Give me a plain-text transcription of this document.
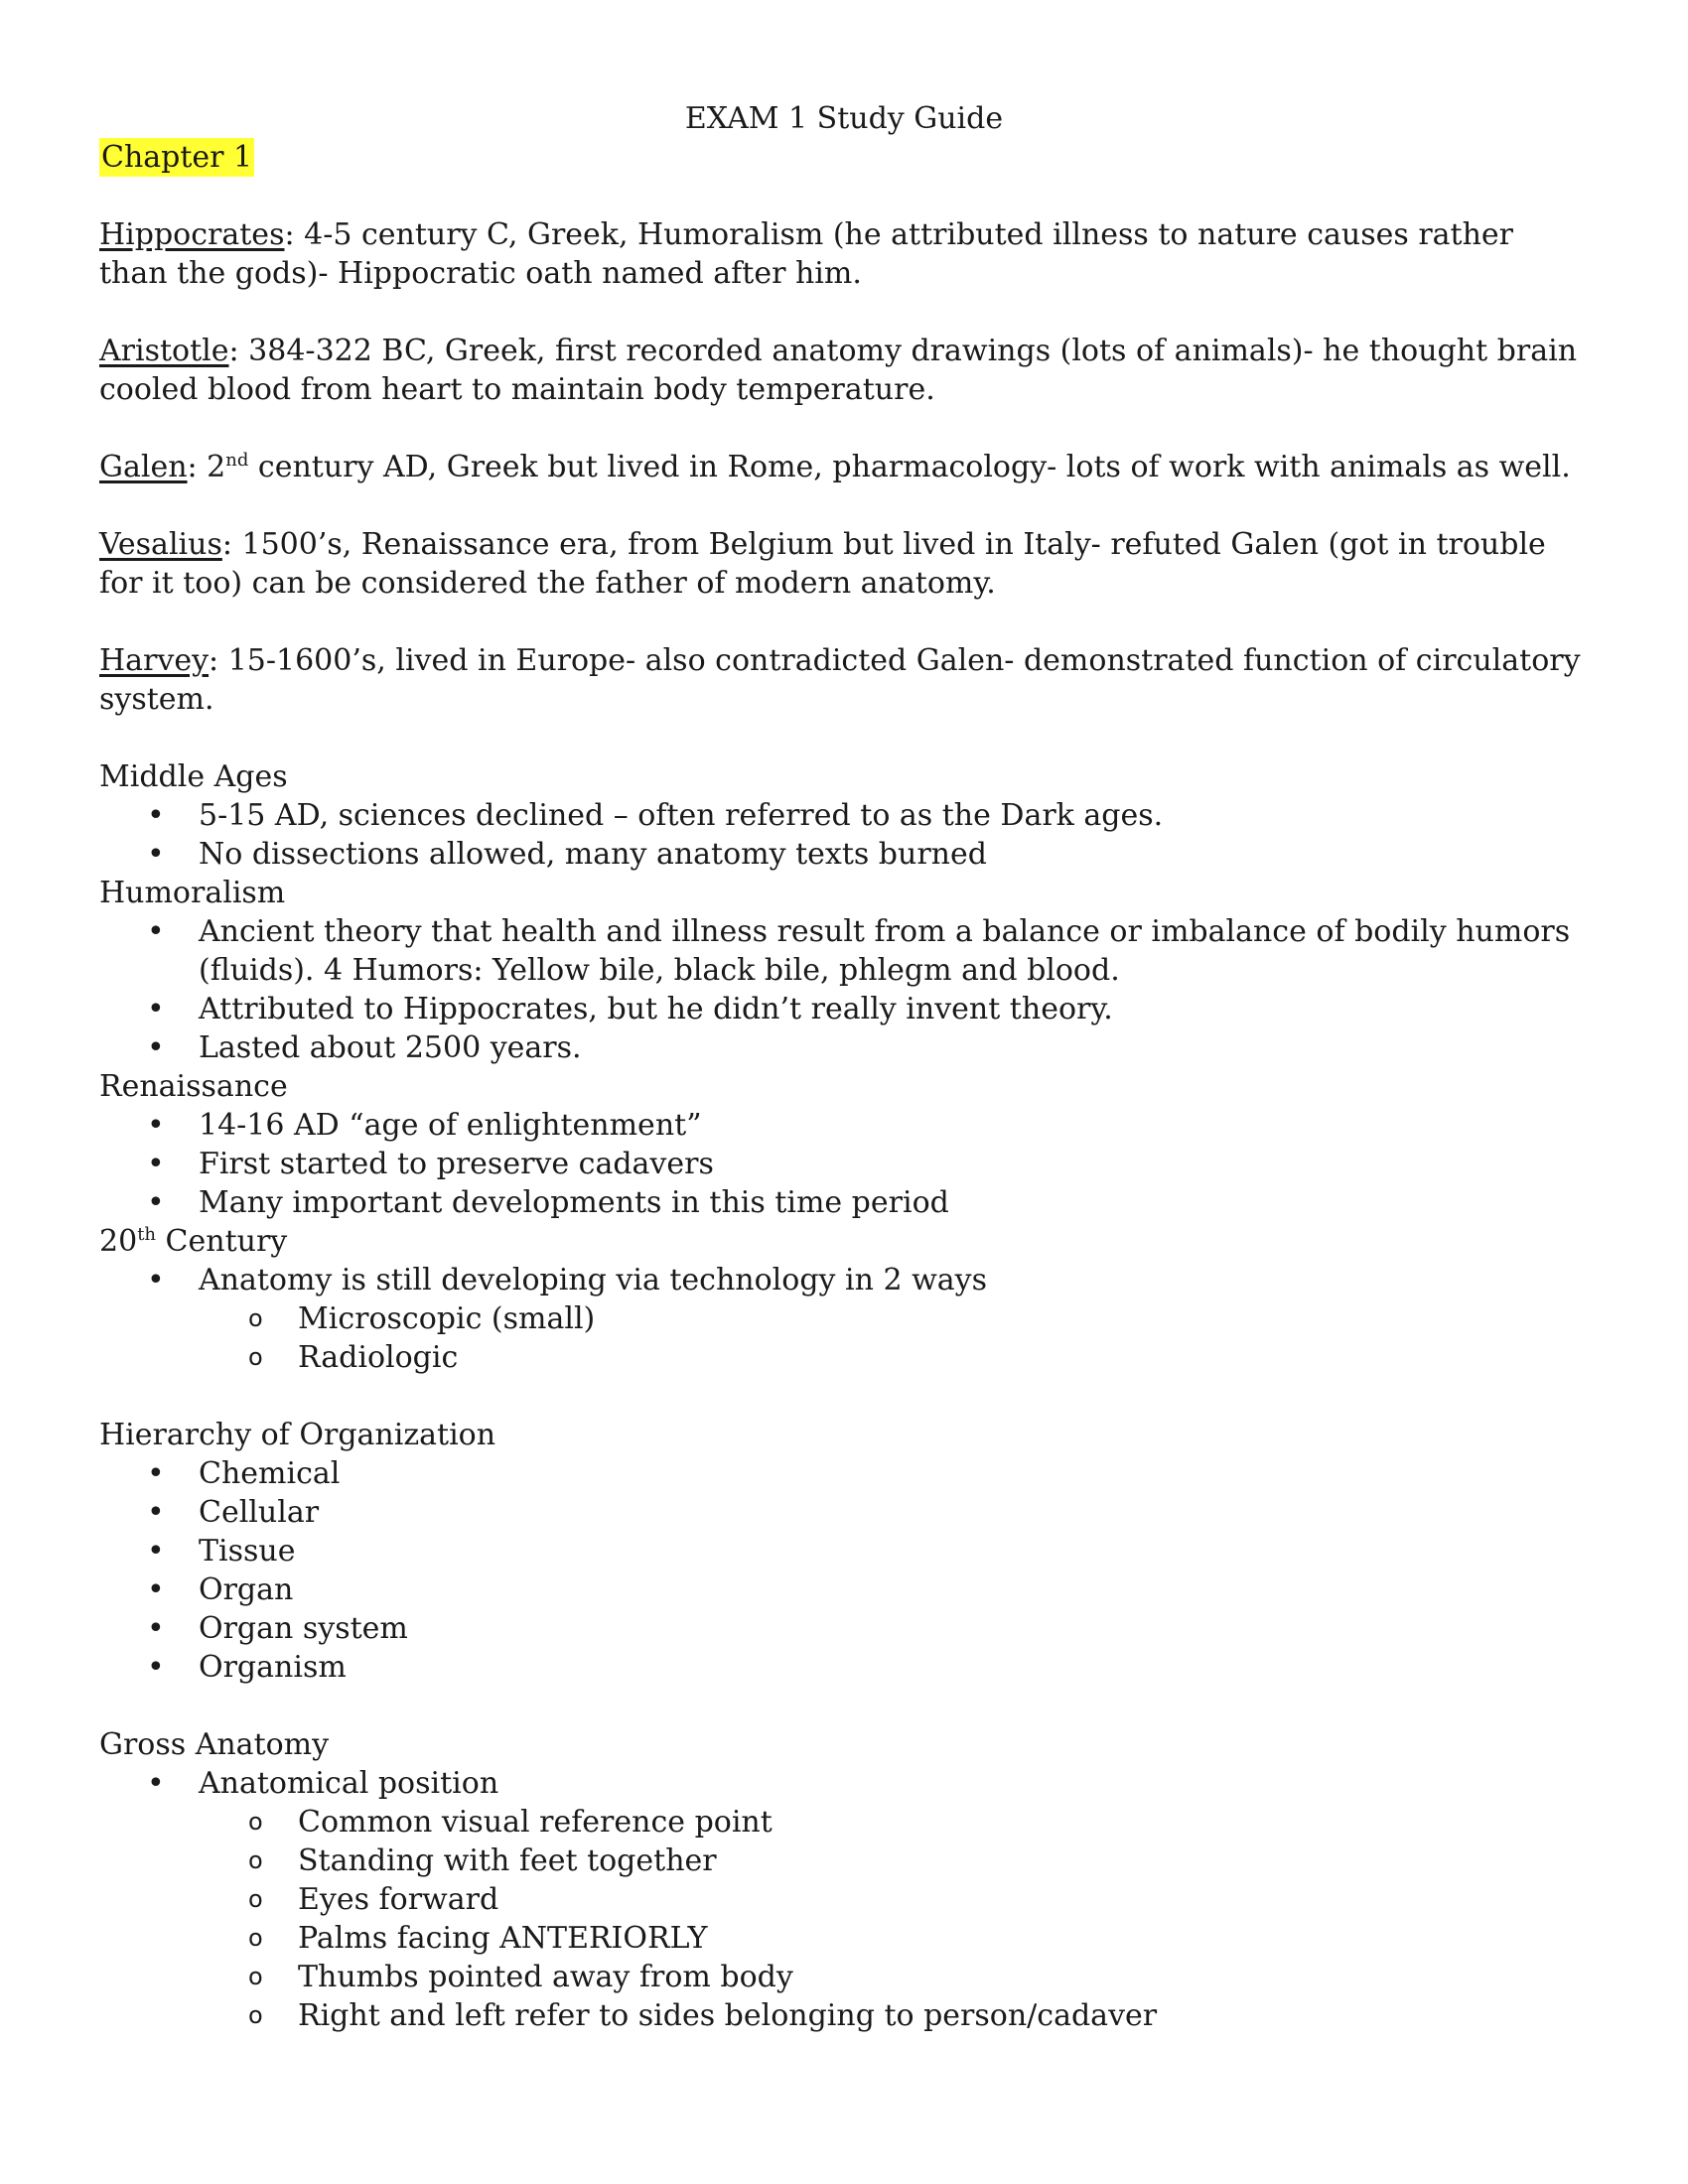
EXAM 1 Study Guide
Chapter 1

Hippocrates: 4-5 century C, Greek, Humoralism (he attributed illness to nature causes rather than the gods)- Hippocratic oath named after him.

Aristotle: 384-322 BC, Greek, first recorded anatomy drawings (lots of animals)- he thought brain cooled blood from heart to maintain body temperature.

Galen: 2nd century AD, Greek but lived in Rome, pharmacology- lots of work with animals as well.

Vesalius: 1500’s, Renaissance era, from Belgium but lived in Italy- refuted Galen (got in trouble for it too) can be considered the father of modern anatomy.

Harvey: 15-1600’s, lived in Europe- also contradicted Galen- demonstrated function of circulatory system.

Middle Ages

• 5-15 AD, sciences declined – often referred to as the Dark ages.
• No dissections allowed, many anatomy texts burned

Humoralism

• Ancient theory that health and illness result from a balance or imbalance of bodily humors (fluids). 4 Humors: Yellow bile, black bile, phlegm and blood.
• Attributed to Hippocrates, but he didn’t really invent theory.
• Lasted about 2500 years.

Renaissance

• 14-16 AD “age of enlightenment”
• First started to preserve cadavers
• Many important developments in this time period

20th Century

• Anatomy is still developing via technology in 2 ways
o Microscopic (small)
o Radiologic

Hierarchy of Organization

• Chemical
• Cellular
• Tissue
• Organ
• Organ system
• Organism

Gross Anatomy

• Anatomical position
o Common visual reference point
o Standing with feet together
o Eyes forward
o Palms facing ANTERIORLY
o Thumbs pointed away from body
o Right and left refer to sides belonging to person/cadaver
